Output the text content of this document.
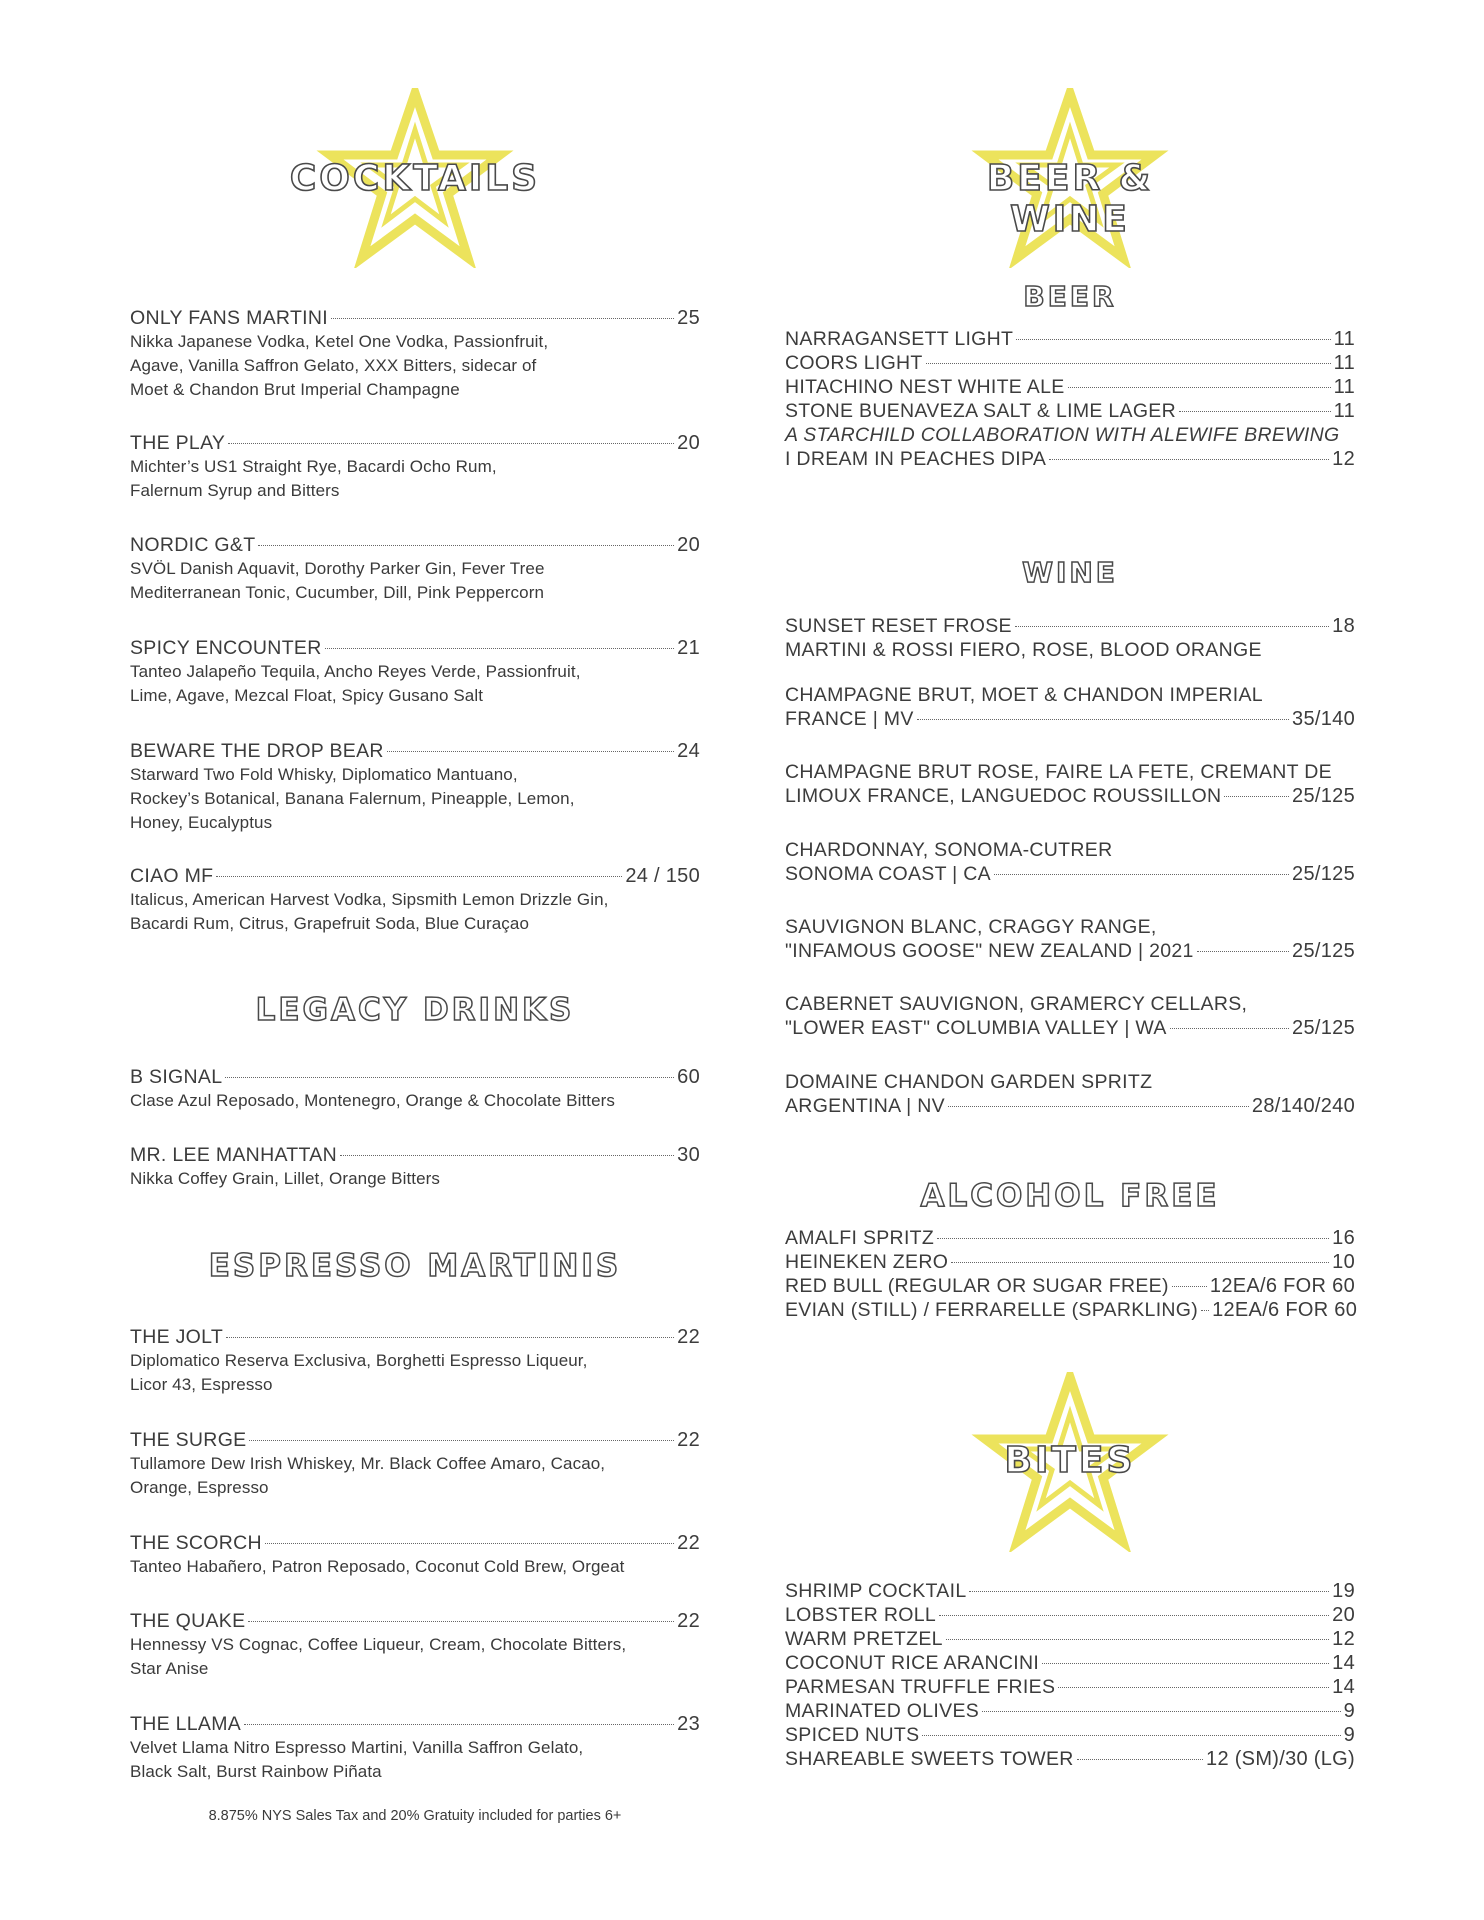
COCKTAILS
ONLY FANS MARTINI	25
Nikka Japanese Vodka, Ketel One Vodka, Passionfruit,
Agave, Vanilla Saffron Gelato, XXX Bitters, sidecar of
Moet & Chandon Brut Imperial Champagne
THE PLAY	20
Michter’s US1 Straight Rye, Bacardi Ocho Rum,
Falernum Syrup and Bitters
NORDIC G&T	20
SVÖL Danish Aquavit, Dorothy Parker Gin, Fever Tree
Mediterranean Tonic, Cucumber, Dill, Pink Peppercorn
SPICY ENCOUNTER	21
Tanteo Jalapeño Tequila, Ancho Reyes Verde, Passionfruit,
Lime, Agave, Mezcal Float, Spicy Gusano Salt
BEWARE THE DROP BEAR	24
Starward Two Fold Whisky, Diplomatico Mantuano,
Rockey’s Botanical, Banana Falernum, Pineapple, Lemon,
Honey, Eucalyptus
CIAO MF	24 / 150
Italicus, American Harvest Vodka, Sipsmith Lemon Drizzle Gin,
Bacardi Rum, Citrus, Grapefruit Soda, Blue Curaçao
LEGACY DRINKS
B SIGNAL	60
Clase Azul Reposado, Montenegro, Orange & Chocolate Bitters
MR. LEE MANHATTAN	30
Nikka Coffey Grain, Lillet, Orange Bitters
ESPRESSO MARTINIS
THE JOLT	22
Diplomatico Reserva Exclusiva, Borghetti Espresso Liqueur,
Licor 43, Espresso
THE SURGE	22
Tullamore Dew Irish Whiskey, Mr. Black Coffee Amaro, Cacao,
Orange, Espresso
THE SCORCH	22
Tanteo Habañero, Patron Reposado, Coconut Cold Brew, Orgeat
THE QUAKE	22
Hennessy VS Cognac, Coffee Liqueur, Cream, Chocolate Bitters,
Star Anise
THE LLAMA	23
Velvet Llama Nitro Espresso Martini, Vanilla Saffron Gelato,
Black Salt, Burst Rainbow Piñata
8.875% NYS Sales Tax and 20% Gratuity included for parties 6+
BEER & WINE
BEER
NARRAGANSETT LIGHT	11
COORS LIGHT	11
HITACHINO NEST WHITE ALE	11
STONE BUENAVEZA SALT & LIME LAGER	11
A STARCHILD COLLABORATION WITH ALEWIFE BREWING
I DREAM IN PEACHES DIPA	12
WINE
SUNSET RESET FROSE	18
MARTINI & ROSSI FIERO, ROSE, BLOOD ORANGE
CHAMPAGNE BRUT, MOET & CHANDON IMPERIAL
FRANCE | MV	35/140
CHAMPAGNE BRUT ROSE, FAIRE LA FETE, CREMANT DE
LIMOUX FRANCE, LANGUEDOC ROUSSILLON	25/125
CHARDONNAY, SONOMA-CUTRER
SONOMA COAST | CA	25/125
SAUVIGNON BLANC, CRAGGY RANGE,
"INFAMOUS GOOSE" NEW ZEALAND | 2021	25/125
CABERNET SAUVIGNON, GRAMERCY CELLARS,
"LOWER EAST" COLUMBIA VALLEY | WA	25/125
DOMAINE CHANDON GARDEN SPRITZ
ARGENTINA | NV	28/140/240
ALCOHOL FREE
AMALFI SPRITZ	16
HEINEKEN ZERO	10
RED BULL (REGULAR OR SUGAR FREE) 12EA/6 FOR 60
EVIAN (STILL) / FERRARELLE (SPARKLING) 12EA/6 FOR 60
BITES
SHRIMP COCKTAIL	19
LOBSTER ROLL	20
WARM PRETZEL	12
COCONUT RICE ARANCINI	14
PARMESAN TRUFFLE FRIES	14
MARINATED OLIVES	9
SPICED NUTS	9
SHAREABLE SWEETS TOWER	12 (SM)/30 (LG)
